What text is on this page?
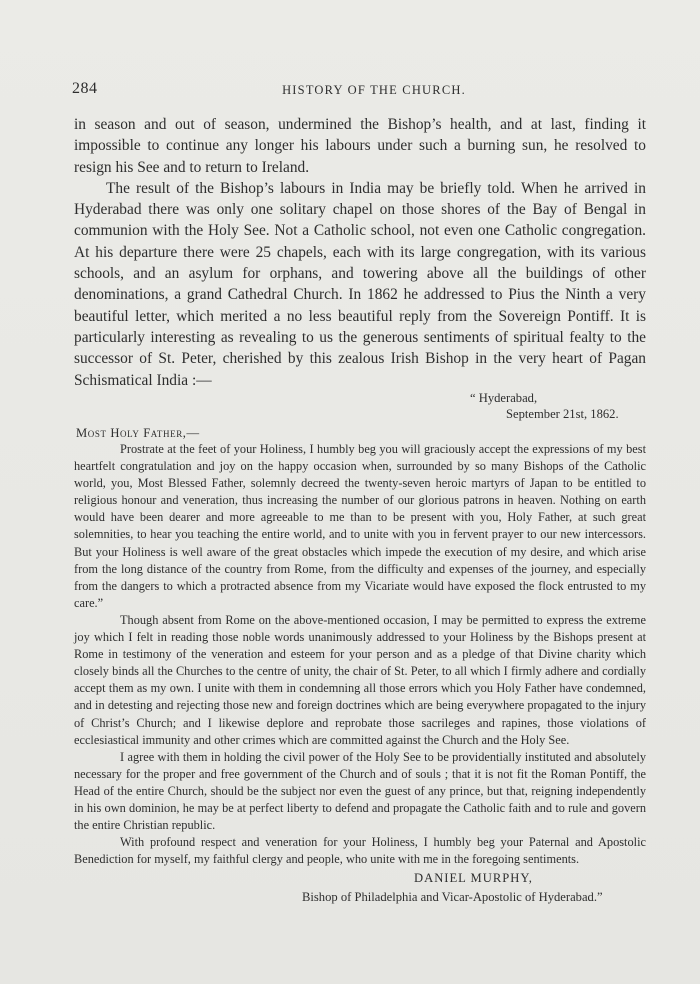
284	HISTORY OF THE CHURCH.

in season and out of season, undermined the Bishop’s health, and at last, finding it impossible to continue any longer his labours under such a burning sun, he resolved to resign his See and to return to Ireland.

The result of the Bishop’s labours in India may be briefly told. When he arrived in Hyderabad there was only one solitary chapel on those shores of the Bay of Bengal in communion with the Holy See. Not a Catholic school, not even one Catholic congregation. At his departure there were 25 chapels, each with its large congregation, with its various schools, and an asylum for orphans, and towering above all the buildings of other denominations, a grand Cathedral Church. In 1862 he addressed to Pius the Ninth a very beautiful letter, which merited a no less beautiful reply from the Sovereign Pontiff. It is particularly interesting as revealing to us the generous sentiments of spiritual fealty to the successor of St. Peter, cherished by this zealous Irish Bishop in the very heart of Pagan Schismatical India :—

“ Hyderabad,
September 21st, 1862.
Most Holy Father,—

Prostrate at the feet of your Holiness, I humbly beg you will graciously accept the expressions of my best heartfelt congratulation and joy on the happy occasion when, surrounded by so many Bishops of the Catholic world, you, Most Blessed Father, solemnly decreed the twenty-seven heroic martyrs of Japan to be entitled to religious honour and veneration, thus increasing the number of our glorious patrons in heaven. Nothing on earth would have been dearer and more agreeable to me than to be present with you, Holy Father, at such great solemnities, to hear you teaching the entire world, and to unite with you in fervent prayer to our new intercessors. But your Holiness is well aware of the great obstacles which impede the execution of my desire, and which arise from the long distance of the country from Rome, from the difficulty and expenses of the journey, and especially from the dangers to which a protracted absence from my Vicariate would have exposed the flock entrusted to my care.”

Though absent from Rome on the above-mentioned occasion, I may be permitted to express the extreme joy which I felt in reading those noble words unanimously addressed to your Holiness by the Bishops present at Rome in testimony of the veneration and esteem for your person and as a pledge of that Divine charity which closely binds all the Churches to the centre of unity, the chair of St. Peter, to all which I firmly adhere and cordially accept them as my own. I unite with them in condemning all those errors which you Holy Father have condemned, and in detesting and rejecting those new and foreign doctrines which are being everywhere propagated to the injury of Christ’s Church; and I likewise deplore and reprobate those sacrileges and rapines, those violations of ecclesiastical immunity and other crimes which are committed against the Church and the Holy See.

I agree with them in holding the civil power of the Holy See to be providentially instituted and absolutely necessary for the proper and free government of the Church and of souls ; that it is not fit the Roman Pontiff, the Head of the entire Church, should be the subject nor even the guest of any prince, but that, reigning independently in his own dominion, he may be at perfect liberty to defend and propagate the Catholic faith and to rule and govern the entire Christian republic.

With profound respect and veneration for your Holiness, I humbly beg your Paternal and Apostolic Benediction for myself, my faithful clergy and people, who unite with me in the foregoing sentiments.

DANIEL MURPHY,
Bishop of Philadelphia and Vicar-Apostolic of Hyderabad.”
